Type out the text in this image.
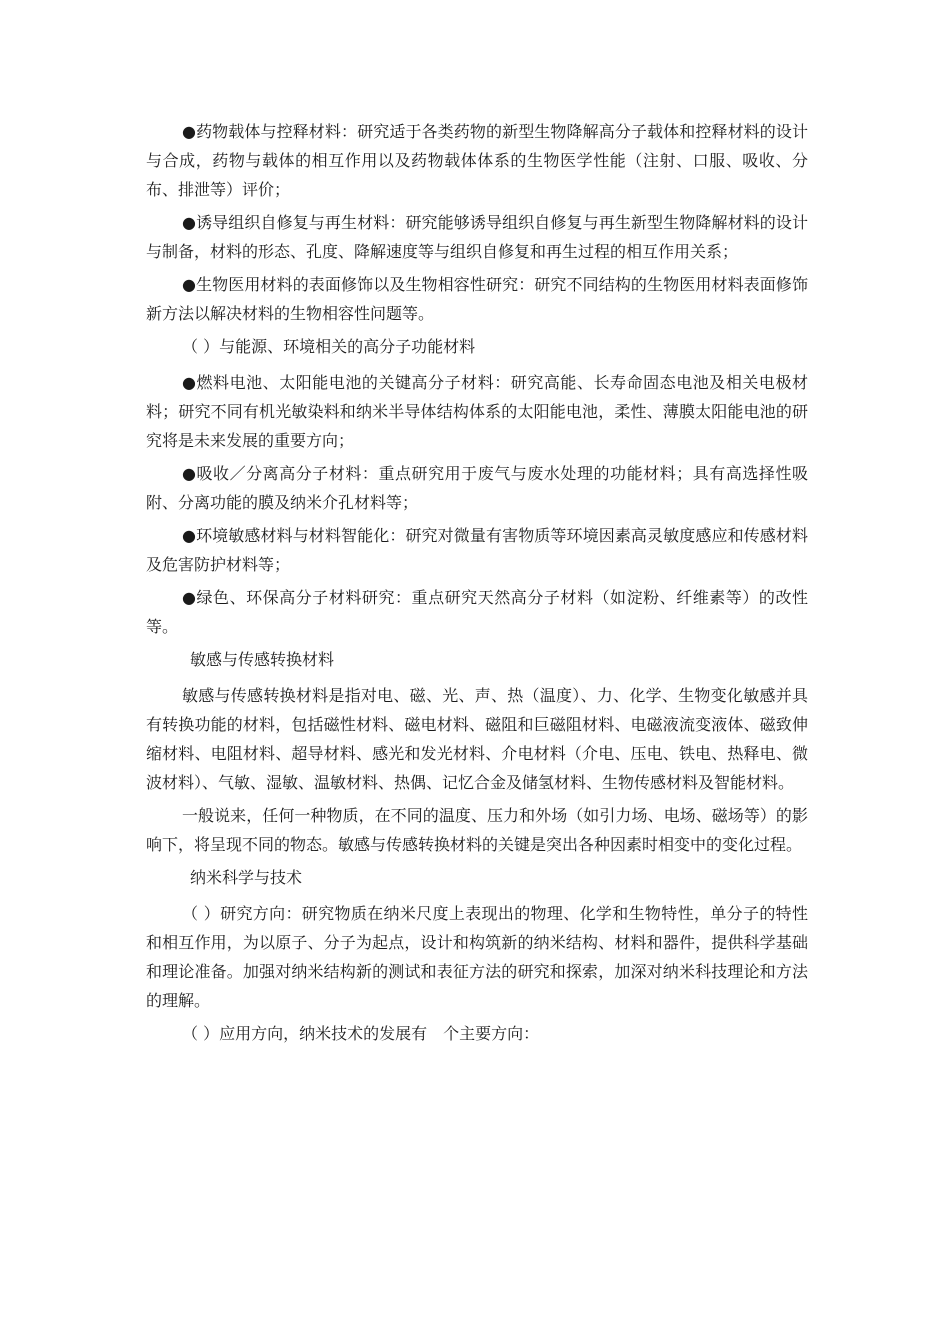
●药物载体与控释材料：研究适于各类药物的新型生物降解高分子载体和控释材料的设计与合成，药物与载体的相互作用以及药物载体体系的生物医学性能（注射、口服、吸收、分布、排泄等）评价；

●诱导组织自修复与再生材料：研究能够诱导组织自修复与再生新型生物降解材料的设计与制备，材料的形态、孔度、降解速度等与组织自修复和再生过程的相互作用关系；

●生物医用材料的表面修饰以及生物相容性研究：研究不同结构的生物医用材料表面修饰新方法以解决材料的生物相容性问题等。

（ ）与能源、环境相关的高分子功能材料

●燃料电池、太阳能电池的关键高分子材料：研究高能、长寿命固态电池及相关电极材料；研究不同有机光敏染料和纳米半导体结构体系的太阳能电池，柔性、薄膜太阳能电池的研究将是未来发展的重要方向；

●吸收／分离高分子材料：重点研究用于废气与废水处理的功能材料；具有高选择性吸附、分离功能的膜及纳米介孔材料等；

●环境敏感材料与材料智能化：研究对微量有害物质等环境因素高灵敏度感应和传感材料及危害防护材料等；

●绿色、环保高分子材料研究：重点研究天然高分子材料（如淀粉、纤维素等）的改性等。

敏感与传感转换材料

敏感与传感转换材料是指对电、磁、光、声、热（温度）、力、化学、生物变化敏感并具有转换功能的材料，包括磁性材料、磁电材料、磁阻和巨磁阻材料、电磁液流变液体、磁致伸缩材料、电阻材料、超导材料、感光和发光材料、介电材料（介电、压电、铁电、热释电、微波材料）、气敏、湿敏、温敏材料、热偶、记忆合金及储氢材料、生物传感材料及智能材料。

一般说来，任何一种物质，在不同的温度、压力和外场（如引力场、电场、磁场等）的影响下，将呈现不同的物态。敏感与传感转换材料的关键是突出各种因素时相变中的变化过程。

纳米科学与技术

（ ）研究方向：研究物质在纳米尺度上表现出的物理、化学和生物特性，单分子的特性和相互作用，为以原子、分子为起点，设计和构筑新的纳米结构、材料和器件，提供科学基础和理论准备。加强对纳米结构新的测试和表征方法的研究和探索，加深对纳米科技理论和方法的理解。

（ ）应用方向，纳米技术的发展有　个主要方向：
